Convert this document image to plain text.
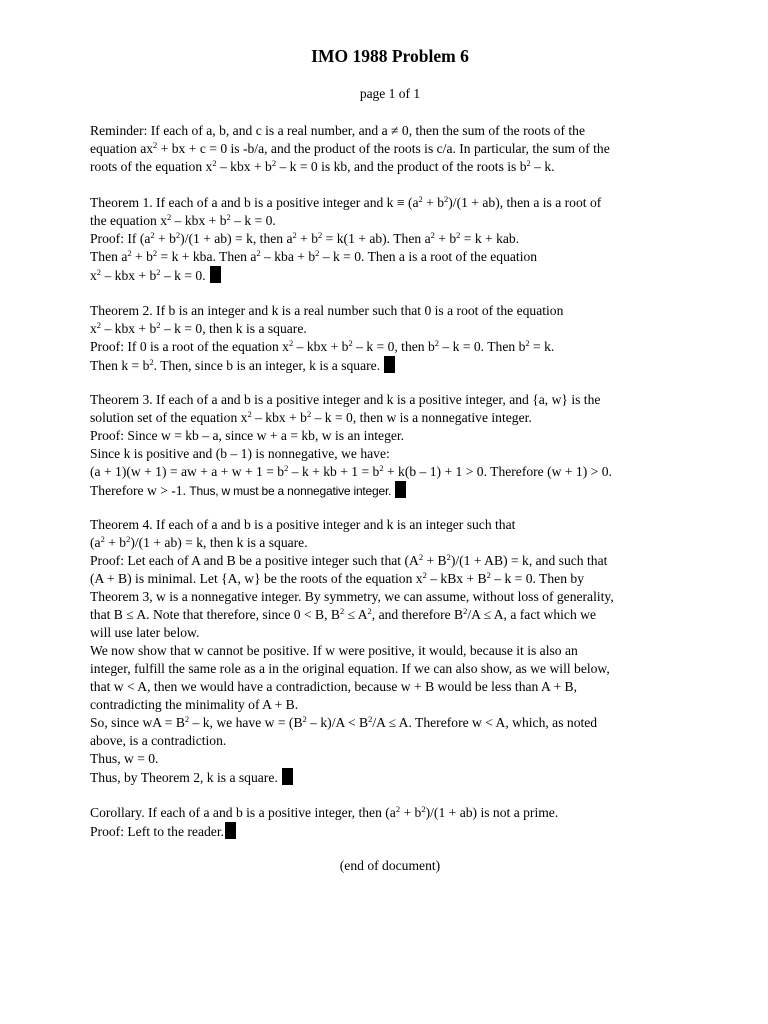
IMO 1988 Problem 6
page 1 of 1

Reminder: If each of a, b, and c is a real number, and a ≠ 0, then the sum of the roots of the

equation $ax^2$ + bx + c = 0 is -b/a, and the product of the roots is c/a. In particular, the sum of the

roots of the equation $x^2$ – kbx + $b^2 - k = 0$ is kb, and the product of the roots is $b^2$ – k.

Theorem 1. If each of a and b is a positive integer and $k \equiv (a^2 + b^2)/(1 + ab)$, then a is a root of

the equation $x^2$ – kbx + $b^2 - k = 0$.

Proof: If $(a^2 + b^2)/(1 + ab) = k$, then $a^2 + b^2 = k(1 + ab)$. Then $a^2 + b^2 = k$ + kab.

Then $a^2 + b^2 = k$ + kba. Then $a^2$ – kba + $b^2 - k = 0$. Then a is a root of the equation

$x^2$ – kbx + $b^2 - k = 0$.

Theorem 2. If b is an integer and k is a real number such that 0 is a root of the equation

$x^2$ – kbx + $b^2 - k = 0$, then k is a square.

Proof: If 0 is a root of the equation $x^2$ – kbx + $b^2 - k = 0$, then $b^2 - k = 0$. Then $b^2 = k$.

Then $k = b^2$. Then, since b is an integer, k is a square.

Theorem 3. If each of a and b is a positive integer and k is a positive integer, and {a, w} is the

solution set of the equation $x^2$ – kbx + $b^2 - k = 0$, then w is a nonnegative integer.

Proof: Since w = kb – a, since w + a = kb, w is an integer.

Since k is positive and (b – 1) is nonnegative, we have:

(a + 1)(w + 1) = aw + $a + w + 1 = b^2 - k$ + kb + $1 = b^2 + k(b - 1) + 1 > 0$. Therefore (w + 1) > 0.

Therefore w > -1. Thus, w must be a nonnegative integer.

Theorem 4. If each of a and b is a positive integer and k is an integer such that

$(a^2 + b^2)/(1 + ab) = k$, then k is a square.

Proof: Let each of A and B be a positive integer such that $(A^2 + B^2)/(1 + AB) = k$, and such that

(A + B) is minimal. Let {A, w} be the roots of the equation $x^2$ – kBx + $B^2 - k = 0$. Then by

Theorem 3, w is a nonnegative integer. By symmetry, we can assume, without loss of generality,

that B ≤ A. Note that therefore, since 0 < B, $B^2 \le A^2$, and therefore $B^2/A \le A$, a fact which we

will use later below.

We now show that w cannot be positive. If w were positive, it would, because it is also an

integer, fulfill the same role as a in the original equation. If we can also show, as we will below,

that w < A, then we would have a contradiction, because w + B would be less than A + B,

contradicting the minimality of A + B.

So, since wA = $B^2$ – k, we have $w = (B^2 - k)/A < B^2/A \le A$. Therefore w < A, which, as noted

above, is a contradiction.

Thus, w = 0.

Thus, by Theorem 2, k is a square.

Corollary. If each of a and b is a positive integer, then $(a^2 + b^2)/(1 + ab)$ is not a prime.

Proof: Left to the reader.

(end of document)
